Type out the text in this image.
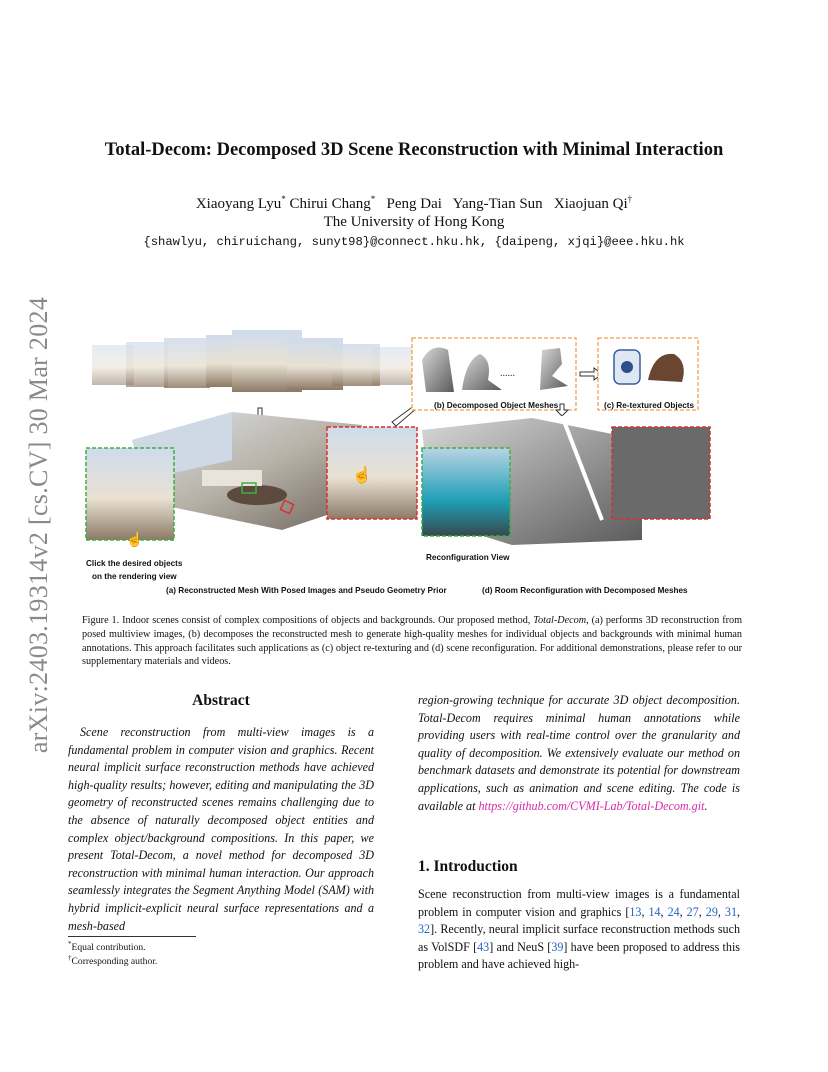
arXiv:2403.19314v2 [cs.CV] 30 Mar 2024
Total-Decom: Decomposed 3D Scene Reconstruction with Minimal Interaction
Xiaoyang Lyu* Chirui Chang* Peng Dai Yang-Tian Sun Xiaojuan Qi†
The University of Hong Kong
{shawlyu, chiruichang, sunyt98}@connect.hku.hk, {daipeng, xjqi}@eee.hku.hk
☝
Click the desired objects
on the rendering view
☝
(a) Reconstructed Mesh With Posed Images and Pseudo Geometry Prior
......
(b) Decomposed Object Meshes	(c) Re-textured Objects
Reconfiguration View
(d) Room Reconfiguration with Decomposed Meshes
Figure 1. Indoor scenes consist of complex compositions of objects and backgrounds. Our proposed method, Total-Decom, (a) performs 3D reconstruction from posed multiview images, (b) decomposes the reconstructed mesh to generate high-quality meshes for individual objects and backgrounds with minimal human annotations. This approach facilitates such applications as (c) object re-texturing and (d) scene reconfiguration. For additional demonstrations, please refer to our supplementary materials and videos.
Abstract
Scene reconstruction from multi-view images is a fundamental problem in computer vision and graphics. Recent neural implicit surface reconstruction methods have achieved high-quality results; however, editing and manipulating the 3D geometry of reconstructed scenes remains challenging due to the absence of naturally decomposed object entities and complex object/background compositions. In this paper, we present Total-Decom, a novel method for decomposed 3D reconstruction with minimal human interaction. Our approach seamlessly integrates the Segment Anything Model (SAM) with hybrid implicit-explicit neural surface representations and a mesh-based
region-growing technique for accurate 3D object decomposition. Total-Decom requires minimal human annotations while providing users with real-time control over the granularity and quality of decomposition. We extensively evaluate our method on benchmark datasets and demonstrate its potential for downstream applications, such as animation and scene editing. The code is available at https://github.com/CVMI-Lab/Total-Decom.git.
1. Introduction
Scene reconstruction from multi-view images is a fundamental problem in computer vision and graphics [13, 14, 24, 27, 29, 31, 32]. Recently, neural implicit surface reconstruction methods such as VolSDF [43] and NeuS [39] have been proposed to address this problem and have achieved high-
*Equal contribution.
†Corresponding author.
